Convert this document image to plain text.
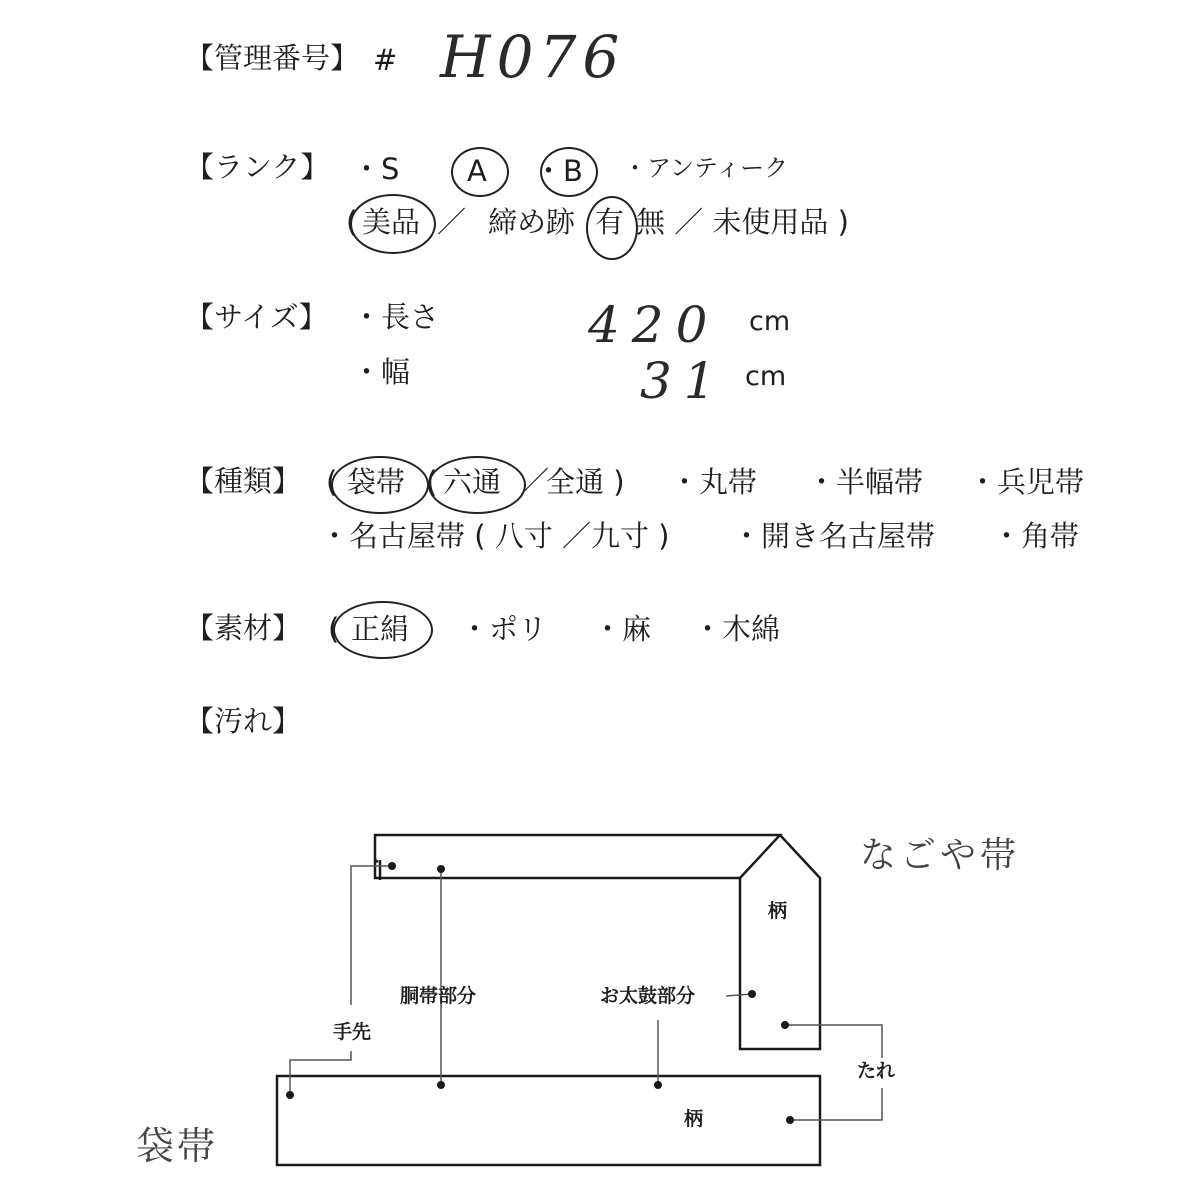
【管理番号】 # H076
【ランク】 ・S A ・B ・アンティーク
( 美品 ／ 締め跡 有 無 ／ 未使用品 )
【サイズ】 ・長さ	420 cm
・幅	31 cm
【種類】 ( 袋帯 ( 六通 ／
全通 ) ・丸帯 ・半幅帯 ・兵児帯
・名古屋帯 ( 八寸 ／九寸 ) ・開き名古屋帯 ・角帯
【素材】 ( 正絹 ・ポリ ・麻 ・木綿
【汚れ】
なごや帯
袋帯
柄
柄
胴帯部分	お太鼓部分
手先
たれ
